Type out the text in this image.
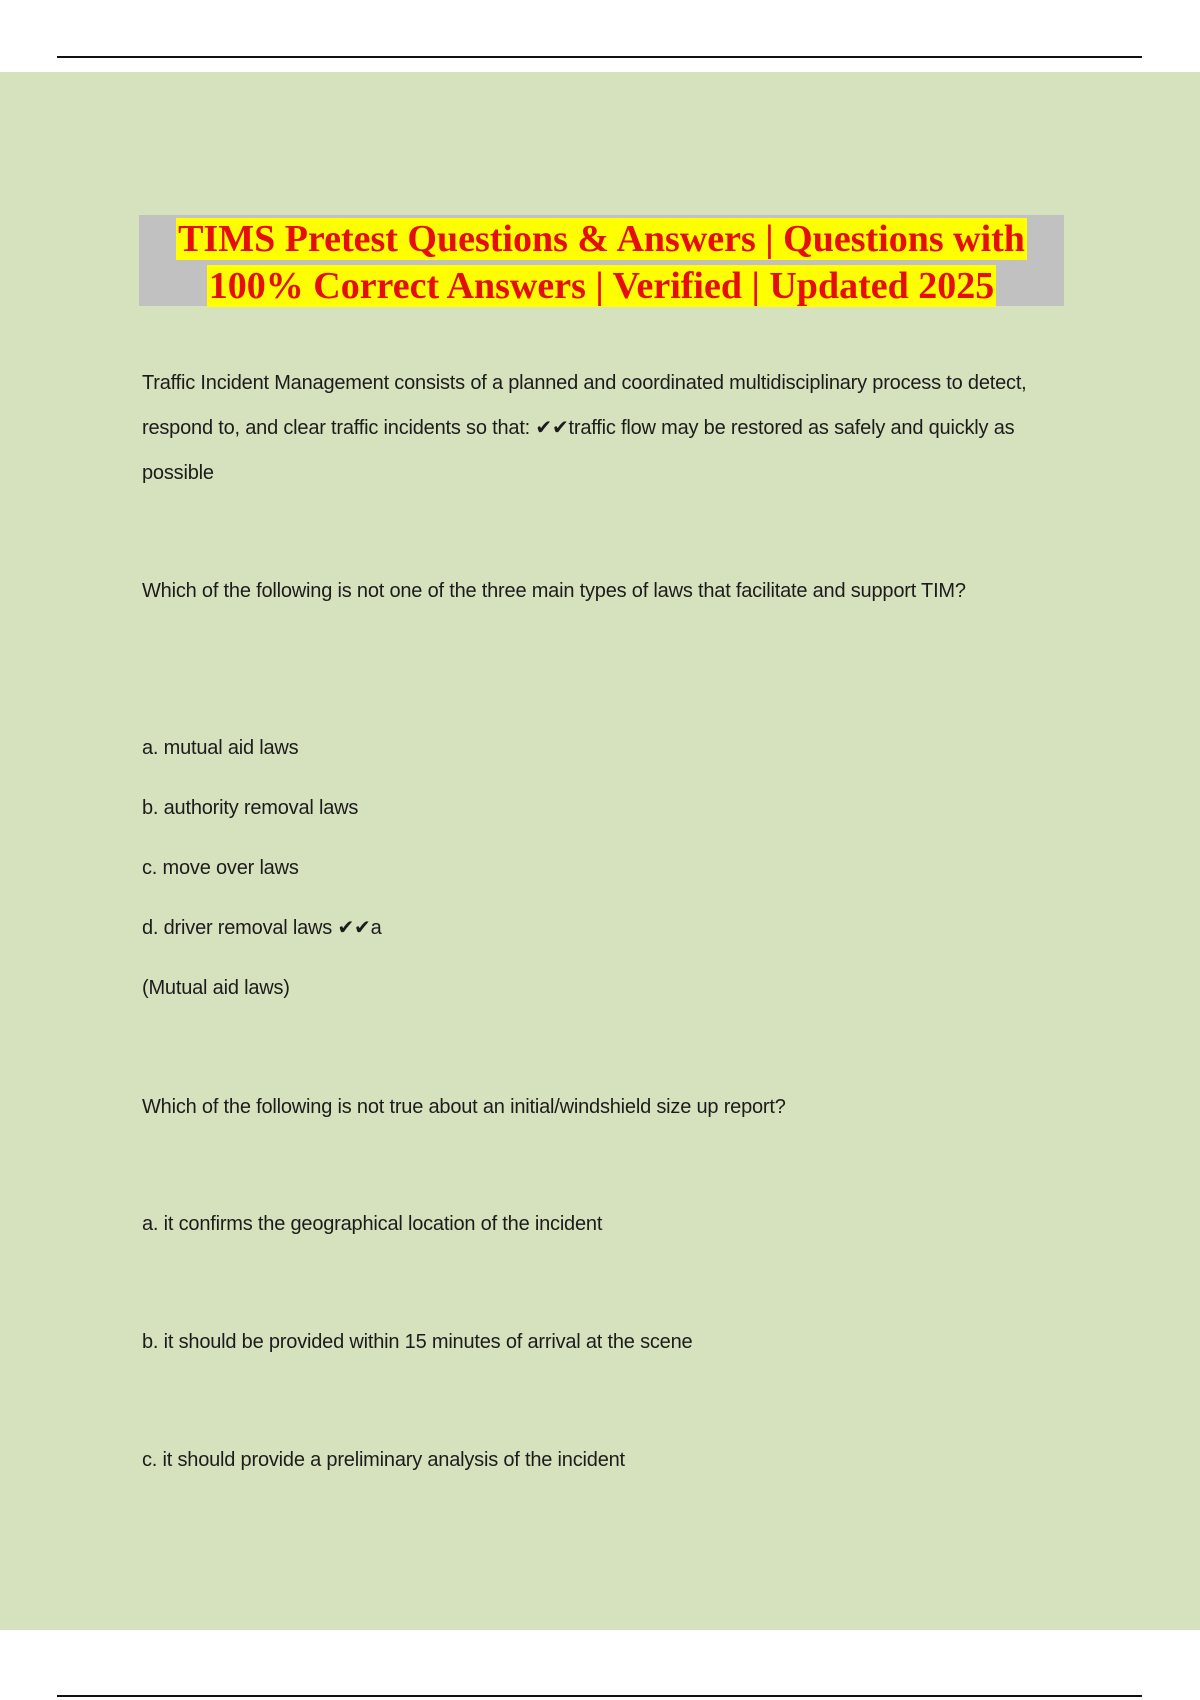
TIMS Pretest Questions & Answers | Questions with
100% Correct Answers | Verified | Updated 2025
Traffic Incident Management consists of a planned and coordinated multidisciplinary process to detect, respond to, and clear traffic incidents so that: ✔✔traffic flow may be restored as safely and quickly as possible
Which of the following is not one of the three main types of laws that facilitate and support TIM?
a. mutual aid laws
b. authority removal laws
c. move over laws
d. driver removal laws ✔✔a
(Mutual aid laws)
Which of the following is not true about an initial/windshield size up report?
a. it confirms the geographical location of the incident
b. it should be provided within 15 minutes of arrival at the scene
c. it should provide a preliminary analysis of the incident
